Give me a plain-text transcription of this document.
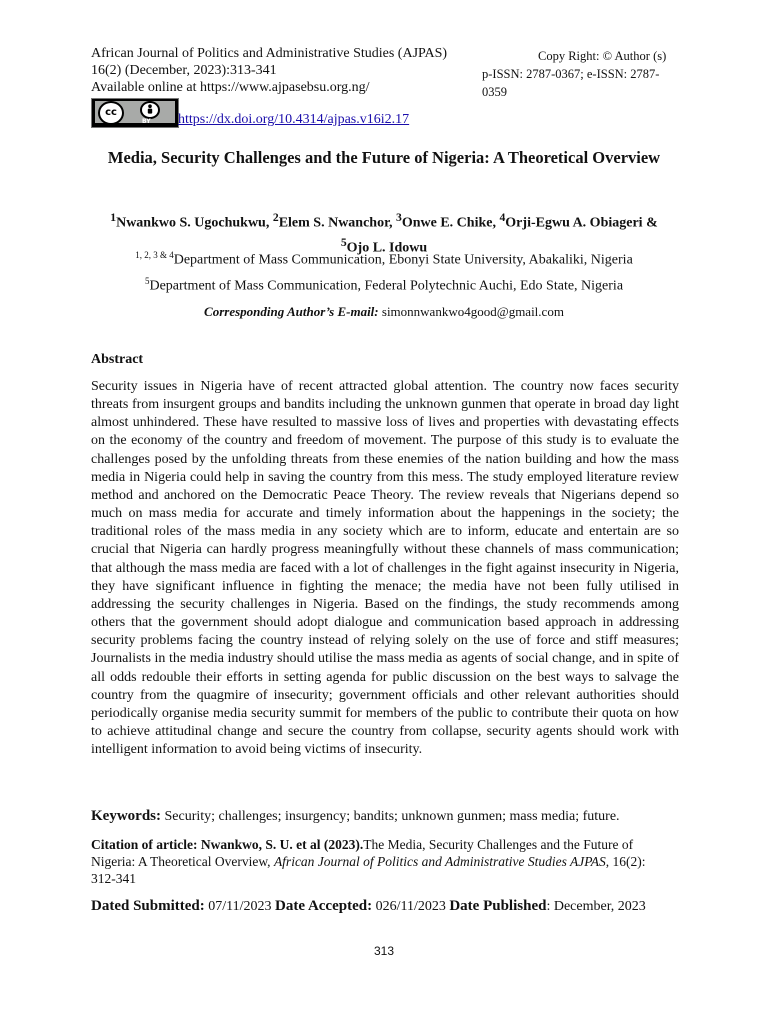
African Journal of Politics and Administrative Studies (AJPAS)
16(2) (December, 2023):313-341
Available online at https://www.ajpasebsu.org.ng/
Copy Right: © Author (s)
p-ISSN: 2787-0367; e-ISSN: 2787-0359
cc
BY https://dx.doi.org/10.4314/ajpas.v16i2.17
Media, Security Challenges and the Future of Nigeria: A Theoretical Overview
$^1$Nwankwo S. Ugochukwu, $^2$Elem S. Nwanchor, $^3$Onwe E. Chike, $^4$Orji-Egwu A. Obiageri &
$^5$Ojo L. Idowu
$^{1, 2, 3 \& 4}$Department of Mass Communication, Ebonyi State University, Abakaliki, Nigeria
$^5$Department of Mass Communication, Federal Polytechnic Auchi, Edo State, Nigeria
Corresponding Author’s E-mail: simonnwankwo4good@gmail.com
Abstract
Security issues in Nigeria have of recent attracted global attention. The country now faces security threats from insurgent groups and bandits including the unknown gunmen that operate in broad day light almost unhindered. These have resulted to massive loss of lives and properties with devastating effects on the economy of the country and freedom of movement. The purpose of this study is to evaluate the challenges posed by the unfolding threats from these enemies of the nation building and how the mass media in Nigeria could help in saving the country from this mess. The study employed literature review method and anchored on the Democratic Peace Theory. The review reveals that Nigerians depend so much on mass media for accurate and timely information about the happenings in the society; the traditional roles of the mass media in any society which are to inform, educate and entertain are so crucial that Nigeria can hardly progress meaningfully without these channels of mass communication; that although the mass media are faced with a lot of challenges in the fight against insecurity in Nigeria, they have significant influence in fighting the menace; the media have not been fully utilised in addressing the security challenges in Nigeria. Based on the findings, the study recommends among others that the government should adopt dialogue and communication based approach in addressing security problems facing the country instead of relying solely on the use of force and stiff measures; Journalists in the media industry should utilise the mass media as agents of social change, and in spite of all odds redouble their efforts in setting agenda for public discussion on the best ways to salvage the country from the quagmire of insecurity; government officials and other relevant authorities should periodically organise media security summit for members of the public to contribute their quota on how to achieve attitudinal change and secure the country from collapse, security agents should work with intelligent information to avoid being victims of insecurity.
Keywords: Security; challenges; insurgency; bandits; unknown gunmen; mass media; future.
Citation of article: Nwankwo, S. U. et al (2023).The Media, Security Challenges and the Future of Nigeria: A Theoretical Overview, African Journal of Politics and Administrative Studies AJPAS, 16(2): 312-341
Dated Submitted: 07/11/2023 Date Accepted: 026/11/2023 Date Published: December, 2023
313
